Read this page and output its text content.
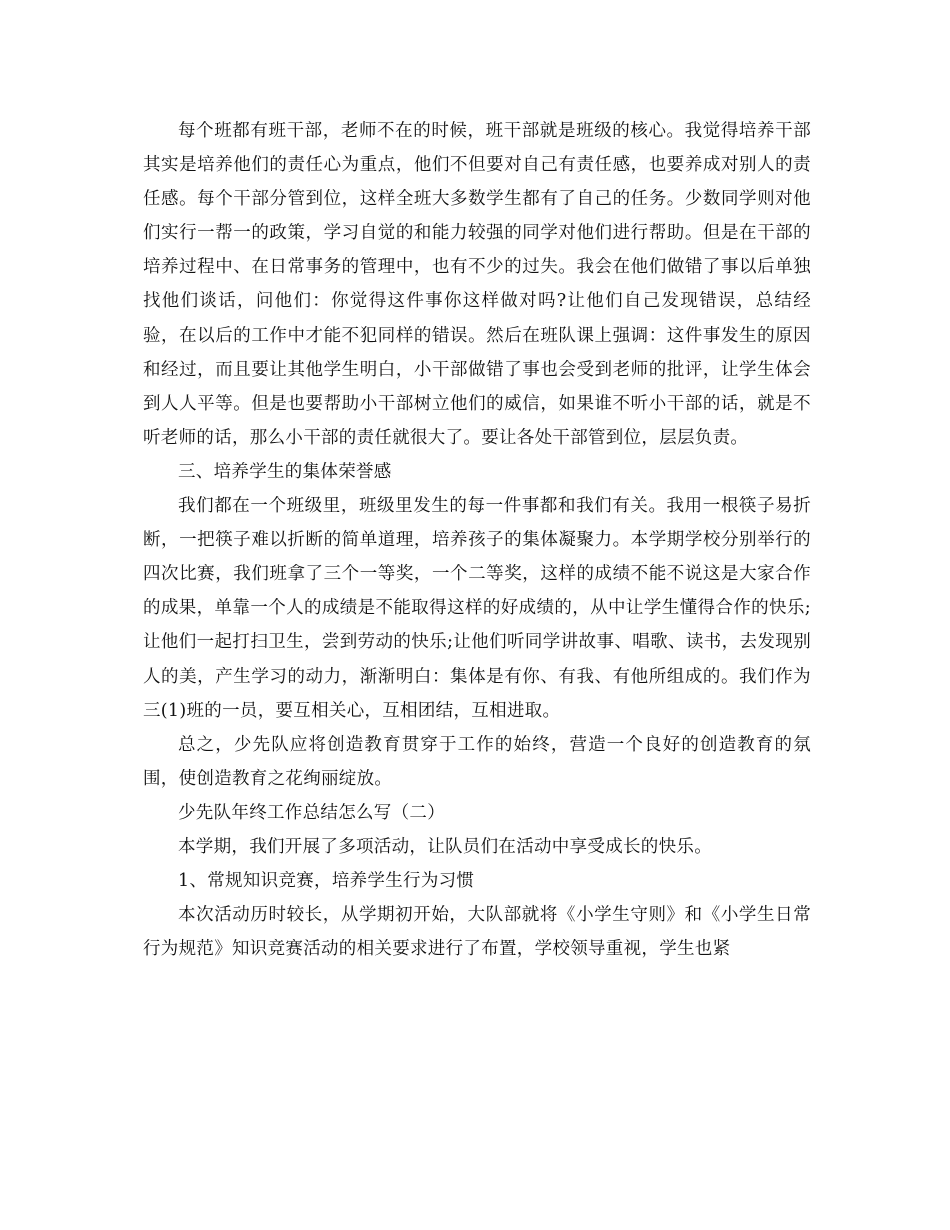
每个班都有班干部，老师不在的时候，班干部就是班级的核心。我觉得培养干部其实是培养他们的责任心为重点，他们不但要对自己有责任感，也要养成对别人的责任感。每个干部分管到位，这样全班大多数学生都有了自己的任务。少数同学则对他们实行一帮一的政策，学习自觉的和能力较强的同学对他们进行帮助。但是在干部的培养过程中、在日常事务的管理中，也有不少的过失。我会在他们做错了事以后单独找他们谈话，问他们：你觉得这件事你这样做对吗?让他们自己发现错误，总结经验，在以后的工作中才能不犯同样的错误。然后在班队课上强调：这件事发生的原因和经过，而且要让其他学生明白，小干部做错了事也会受到老师的批评，让学生体会到人人平等。但是也要帮助小干部树立他们的威信，如果谁不听小干部的话，就是不听老师的话，那么小干部的责任就很大了。要让各处干部管到位，层层负责。

三、培养学生的集体荣誉感

我们都在一个班级里，班级里发生的每一件事都和我们有关。我用一根筷子易折断，一把筷子难以折断的简单道理，培养孩子的集体凝聚力。本学期学校分别举行的四次比赛，我们班拿了三个一等奖，一个二等奖，这样的成绩不能不说这是大家合作的成果，单靠一个人的成绩是不能取得这样的好成绩的，从中让学生懂得合作的快乐;让他们一起打扫卫生，尝到劳动的快乐;让他们听同学讲故事、唱歌、读书，去发现别人的美，产生学习的动力，渐渐明白：集体是有你、有我、有他所组成的。我们作为三(1)班的一员，要互相关心，互相团结，互相进取。

总之，少先队应将创造教育贯穿于工作的始终，营造一个良好的创造教育的氛围，使创造教育之花绚丽绽放。

少先队年终工作总结怎么写（二）

本学期，我们开展了多项活动，让队员们在活动中享受成长的快乐。

1、常规知识竞赛，培养学生行为习惯

本次活动历时较长，从学期初开始，大队部就将《小学生守则》和《小学生日常行为规范》知识竞赛活动的相关要求进行了布置，学校领导重视，学生也紧
